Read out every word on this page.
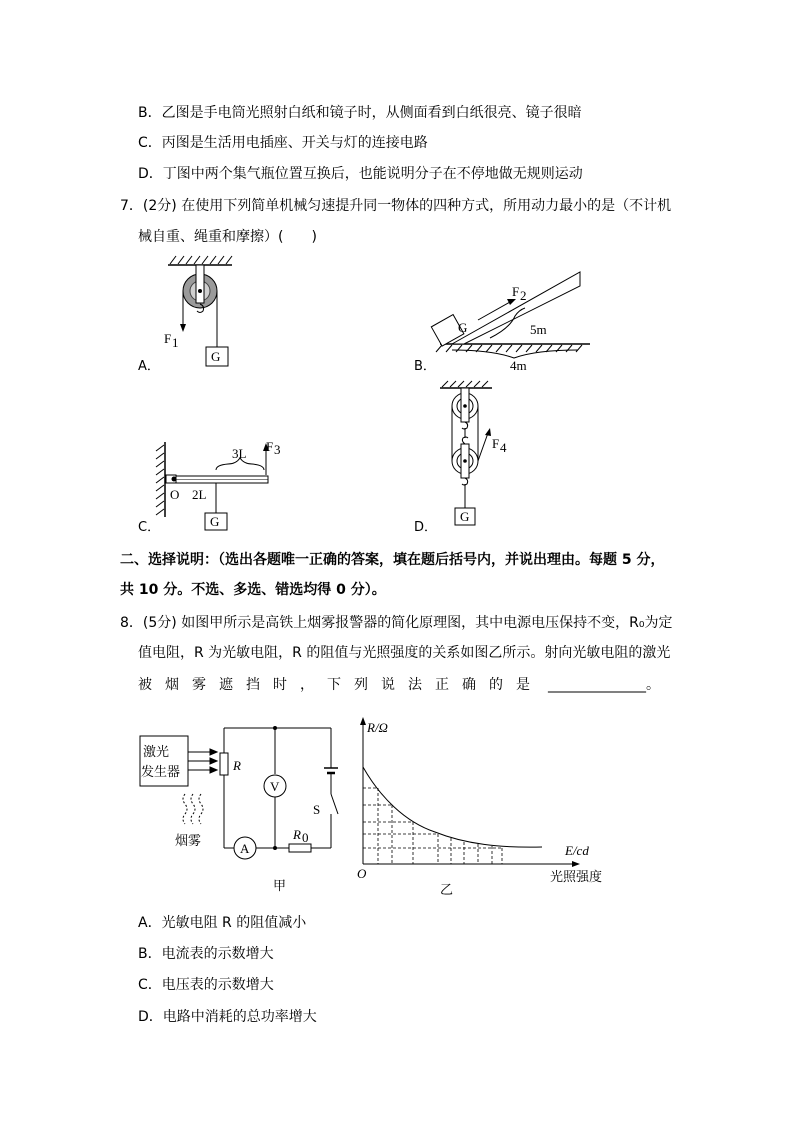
B．乙图是手电筒光照射白纸和镜子时，从侧面看到白纸很亮、镜子很暗
C．丙图是生活用电插座、开关与灯的连接电路
D．丁图中两个集气瓶位置互换后，也能说明分子在不停地做无规则运动
7．(2分) 在使用下列简单机械匀速提升同一物体的四种方式，所用动力最小的是（不计机
械自重、绳重和摩擦）(　　)
A．
G
F 1
B．
G
F 2
5m
4m
C．
O 2L
G
3L F 3
D．
F 4
G
二、选择说明：（选出各题唯一正确的答案，填在题后括号内，并说出理由。每题 5 分，
共 10 分。不选、多选、错选均得 0 分）。
8．(5分) 如图甲所示是高铁上烟雾报警器的简化原理图，其中电源电压保持不变，R₀为定
值电阻，R 为光敏电阻，R 的阻值与光照强度的关系如图乙所示。射向光敏电阻的激光
被烟雾遮挡时，下列说法正确的是 ______________。
激光
发生器	R
V
S
A
R 0
烟雾
甲
R/Ω
E/cd
O	光照强度
乙
A．光敏电阻 R 的阻值减小
B．电流表的示数增大
C．电压表的示数增大
D．电路中消耗的总功率增大
